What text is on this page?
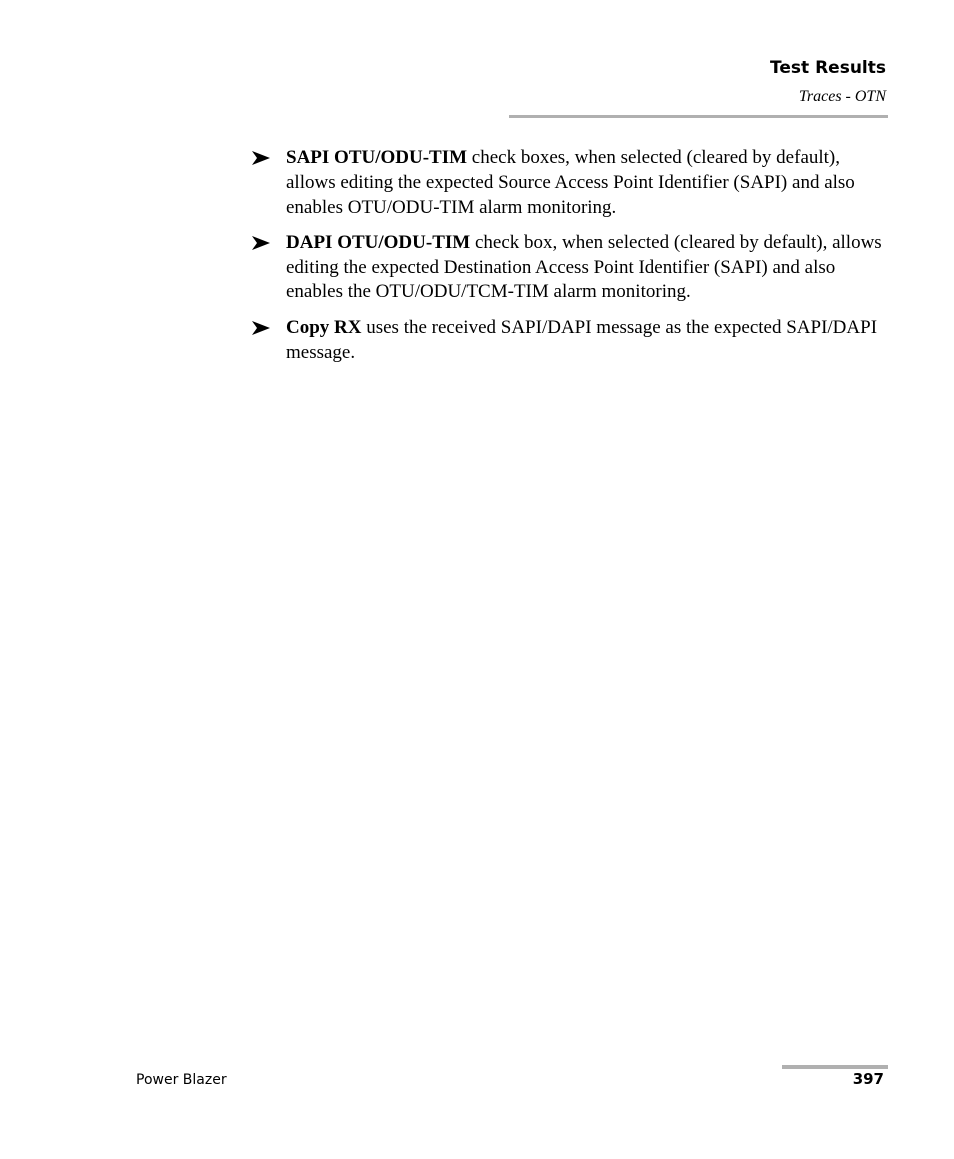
Test Results
Traces - OTN
SAPI OTU/ODU-TIM check boxes, when selected (cleared by default), allows editing the expected Source Access Point Identifier (SAPI) and also enables OTU/ODU-TIM alarm monitoring.
DAPI OTU/ODU-TIM check box, when selected (cleared by default), allows editing the expected Destination Access Point Identifier (SAPI) and also enables the OTU/ODU/TCM-TIM alarm monitoring.
Copy RX uses the received SAPI/DAPI message as the expected SAPI/DAPI message.
Power Blazer	397
